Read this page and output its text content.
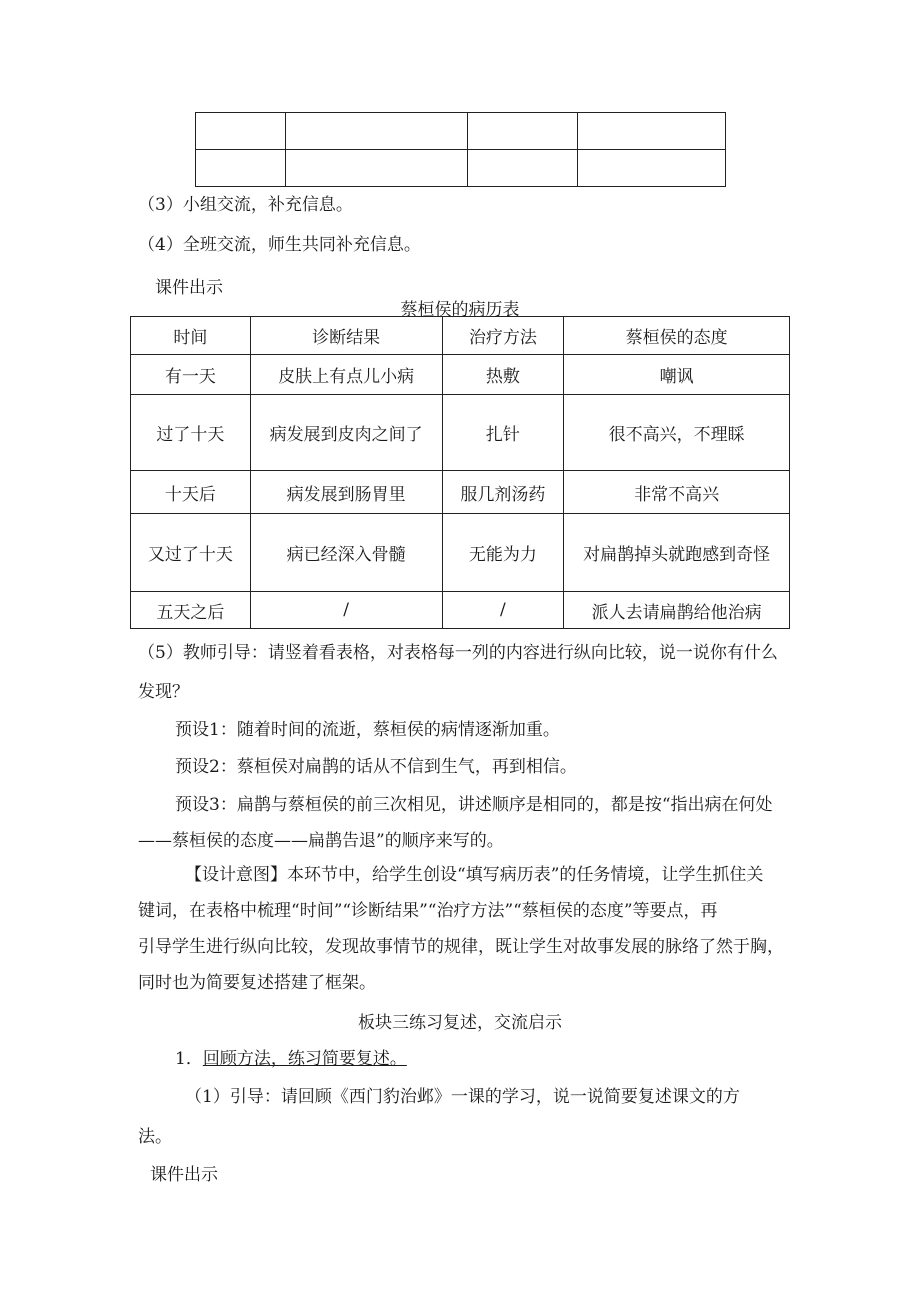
（3）小组交流，补充信息。
（4）全班交流，师生共同补充信息。
课件出示
蔡桓侯的病历表
时间	诊断结果	治疗方法	蔡桓侯的态度
有一天	皮肤上有点儿小病	热敷	嘲讽
过了十天	病发展到皮肉之间了	扎针	很不高兴，不理睬
十天后	病发展到肠胃里	服几剂汤药	非常不高兴
又过了十天	病已经深入骨髓	无能为力	对扁鹊掉头就跑感到奇怪
五天之后	/	/	派人去请扁鹊给他治病
（5）教师引导：请竖着看表格，对表格每一列的内容进行纵向比较，说一说你有什么
发现？
预设1：随着时间的流逝，蔡桓侯的病情逐渐加重。
预设2：蔡桓侯对扁鹊的话从不信到生气，再到相信。
预设3：扁鹊与蔡桓侯的前三次相见，讲述顺序是相同的，都是按“指出病在何处
——蔡桓侯的态度——扁鹊告退”的顺序来写的。
【设计意图】本环节中，给学生创设“填写病历表”的任务情境，让学生抓住关
键词，在表格中梳理“时间”“诊断结果”“治疗方法”“蔡桓侯的态度”等要点，再
引导学生进行纵向比较，发现故事情节的规律，既让学生对故事发展的脉络了然于胸，
同时也为简要复述搭建了框架。
板块三练习复述，交流启示
1．回顾方法，练习简要复述。
（1）引导：请回顾《西门豹治邺》一课的学习，说一说简要复述课文的方
法。
课件出示
